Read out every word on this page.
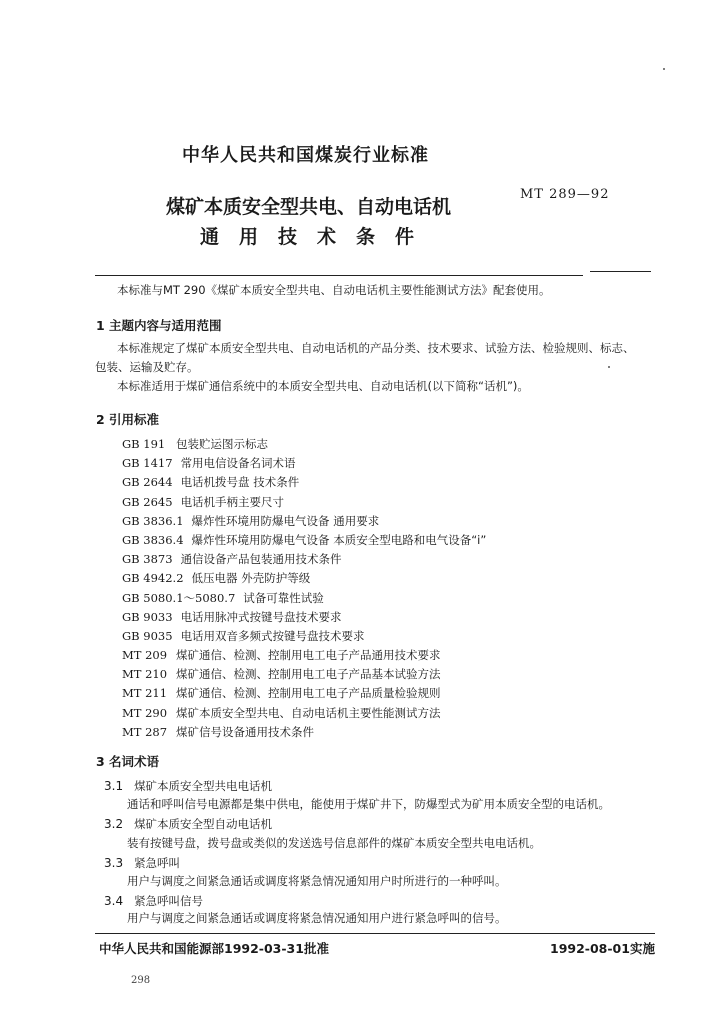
中华人民共和国煤炭行业标准
煤矿本质安全型共电、自动电话机
通用技术条件
MT 289—92
本标准与MT 290《煤矿本质安全型共电、自动电话机主要性能测试方法》配套使用。
1 主题内容与适用范围
本标准规定了煤矿本质安全型共电、自动电话机的产品分类、技术要求、试验方法、检验规则、标志、
包装、运输及贮存。
本标准适用于煤矿通信系统中的本质安全型共电、自动电话机(以下简称“话机”)。
2 引用标准
GB 191 包装贮运图示标志
GB 1417 常用电信设备名词术语
GB 2644 电话机拨号盘 技术条件
GB 2645 电话机手柄主要尺寸
GB 3836.1 爆炸性环境用防爆电气设备 通用要求
GB 3836.4 爆炸性环境用防爆电气设备 本质安全型电路和电气设备“i”
GB 3873 通信设备产品包装通用技术条件
GB 4942.2 低压电器 外壳防护等级
GB 5080.1～5080.7 试备可靠性试验
GB 9033 电话用脉冲式按键号盘技术要求
GB 9035 电话用双音多频式按键号盘技术要求
MT 209 煤矿通信、检测、控制用电工电子产品通用技术要求
MT 210 煤矿通信、检测、控制用电工电子产品基本试验方法
MT 211 煤矿通信、检测、控制用电工电子产品质量检验规则
MT 290 煤矿本质安全型共电、自动电话机主要性能测试方法
MT 287 煤矿信号设备通用技术条件
3 名词术语
3.1 煤矿本质安全型共电电话机
通话和呼叫信号电源都是集中供电，能使用于煤矿井下，防爆型式为矿用本质安全型的电话机。
3.2 煤矿本质安全型自动电话机
装有按键号盘，拨号盘或类似的发送选号信息部件的煤矿本质安全型共电电话机。
3.3 紧急呼叫
用户与调度之间紧急通话或调度将紧急情况通知用户时所进行的一种呼叫。
3.4 紧急呼叫信号
用户与调度之间紧急通话或调度将紧急情况通知用户进行紧急呼叫的信号。
中华人民共和国能源部1992-03-31批准	1992-08-01实施
298
